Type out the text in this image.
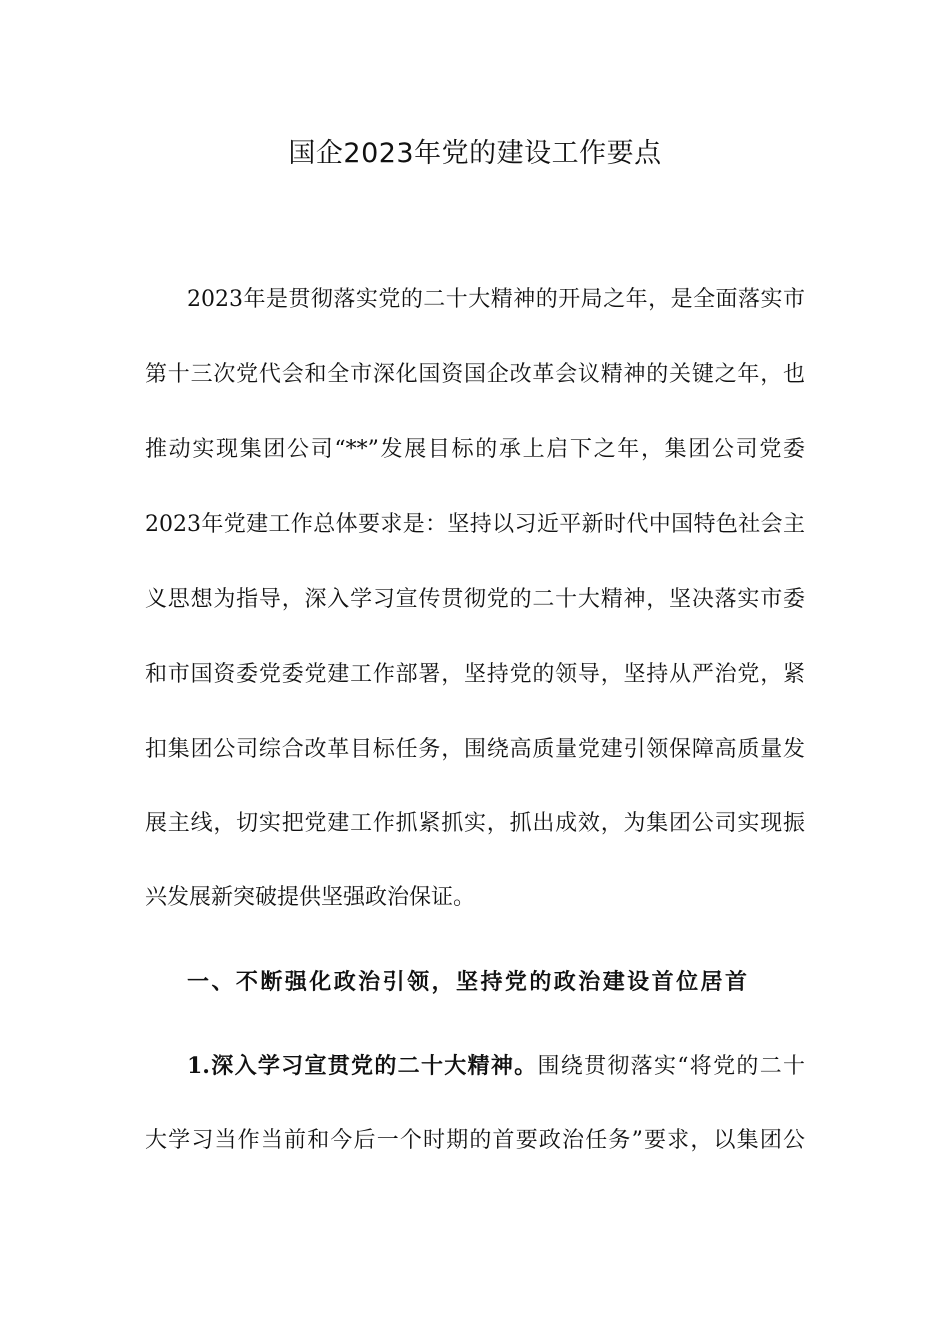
国企2023年党的建设工作要点

2023年是贯彻落实党的二十大精神的开局之年，是全面落实市

第十三次党代会和全市深化国资国企改革会议精神的关键之年，也

推动实现集团公司“**”发展目标的承上启下之年，集团公司党委

2023年党建工作总体要求是：坚持以习近平新时代中国特色社会主

义思想为指导，深入学习宣传贯彻党的二十大精神，坚决落实市委

和市国资委党委党建工作部署，坚持党的领导，坚持从严治党，紧

扣集团公司综合改革目标任务，围绕高质量党建引领保障高质量发

展主线，切实把党建工作抓紧抓实，抓出成效，为集团公司实现振

兴发展新突破提供坚强政治保证。

一、不断强化政治引领，坚持党的政治建设首位居首

1.深入学习宣贯党的二十大精神。围绕贯彻落实“将党的二十

大学习当作当前和今后一个时期的首要政治任务”要求，以集团公
